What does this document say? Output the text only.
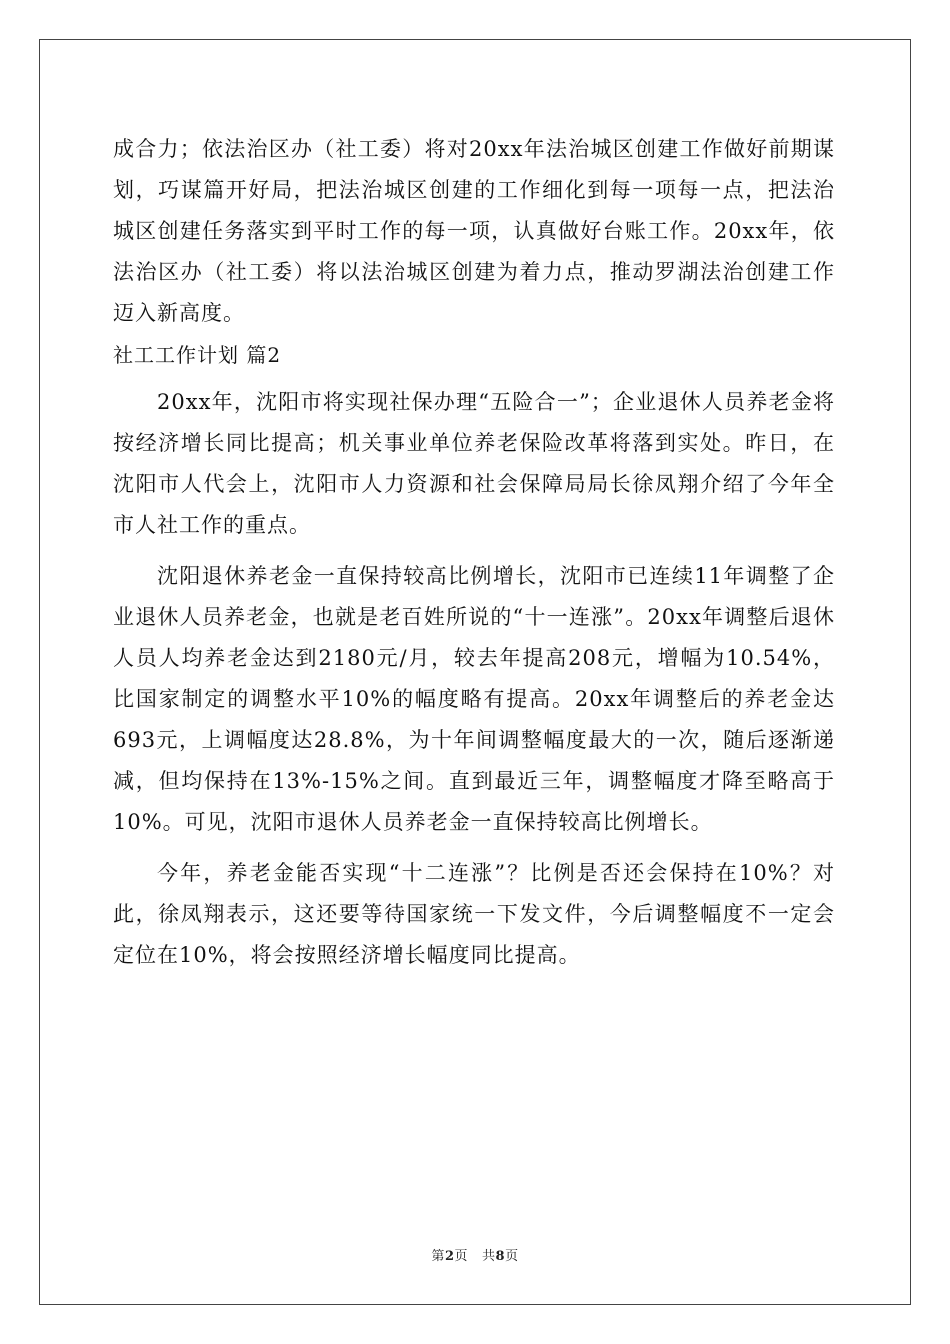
成合力；依法治区办（社工委）将对20xx年法治城区创建工作做好前期谋划，巧谋篇开好局，把法治城区创建的工作细化到每一项每一点，把法治城区创建任务落实到平时工作的每一项，认真做好台账工作。20xx年，依法治区办（社工委）将以法治城区创建为着力点，推动罗湖法治创建工作迈入新高度。

社工工作计划 篇2

20xx年，沈阳市将实现社保办理“五险合一”；企业退休人员养老金将按经济增长同比提高；机关事业单位养老保险改革将落到实处。昨日，在沈阳市人代会上，沈阳市人力资源和社会保障局局长徐凤翔介绍了今年全市人社工作的重点。

沈阳退休养老金一直保持较高比例增长，沈阳市已连续11年调整了企业退休人员养老金，也就是老百姓所说的“十一连涨”。20xx年调整后退休人员人均养老金达到2180元/月，较去年提高208元，增幅为10.54%，比国家制定的调整水平10%的幅度略有提高。20xx年调整后的养老金达693元，上调幅度达28.8%，为十年间调整幅度最大的一次，随后逐渐递减，但均保持在13%-15%之间。直到最近三年，调整幅度才降至略高于10%。可见，沈阳市退休人员养老金一直保持较高比例增长。

今年，养老金能否实现“十二连涨”？比例是否还会保持在10%？对此，徐凤翔表示，这还要等待国家统一下发文件，今后调整幅度不一定会定位在10%，将会按照经济增长幅度同比提高。

第2页 共8页
